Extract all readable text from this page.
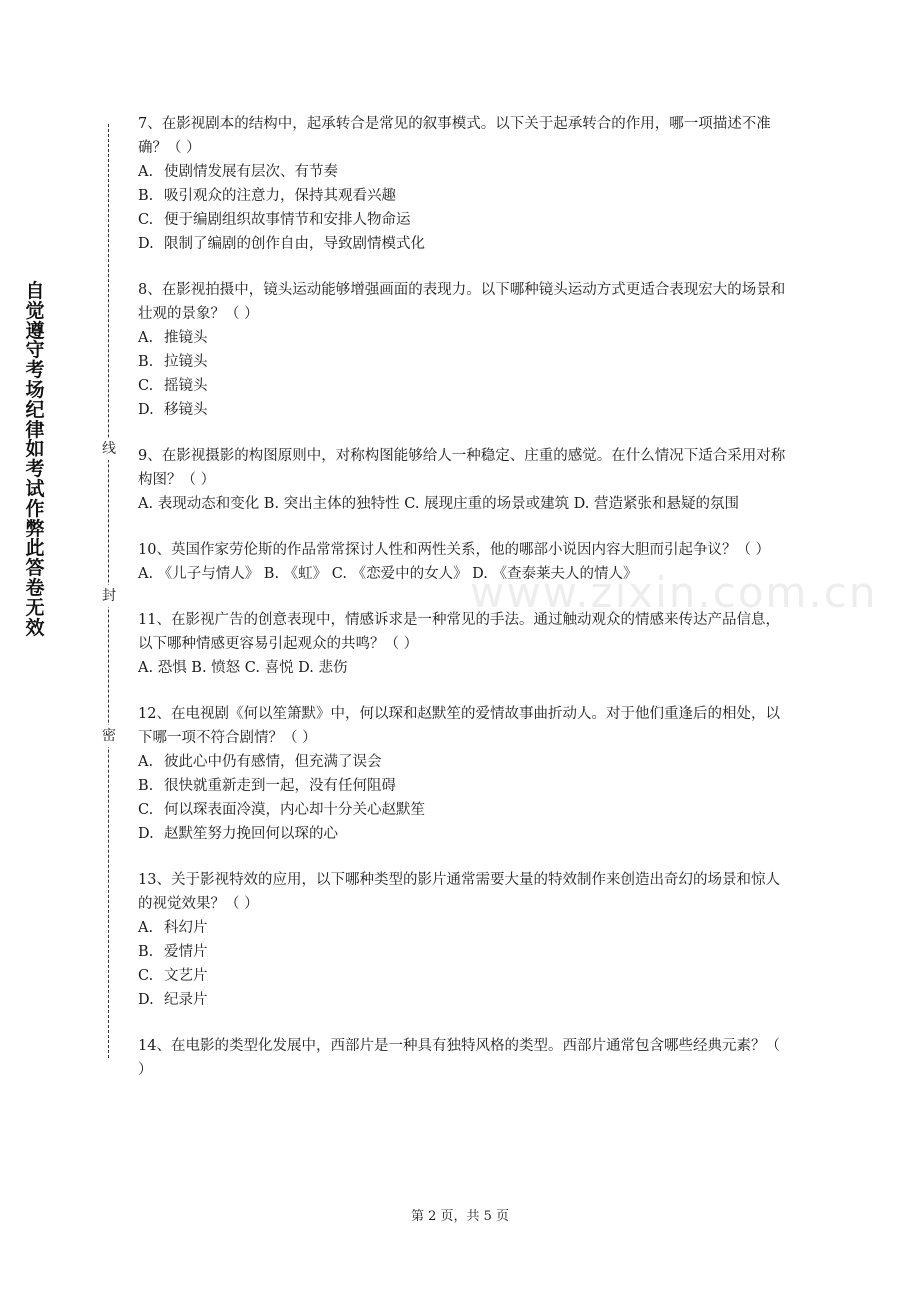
自觉遵守考场纪律如考试作弊此答卷无效
线
封
密
www.zixin.com.cn

7、在影视剧本的结构中，起承转合是常见的叙事模式。以下关于起承转合的作用，哪一项描述不准确？（ ）

A. 使剧情发展有层次、有节奏

B. 吸引观众的注意力，保持其观看兴趣

C. 便于编剧组织故事情节和安排人物命运

D. 限制了编剧的创作自由，导致剧情模式化

8、在影视拍摄中，镜头运动能够增强画面的表现力。以下哪种镜头运动方式更适合表现宏大的场景和壮观的景象？（ ）

A. 推镜头

B. 拉镜头

C. 摇镜头

D. 移镜头

9、在影视摄影的构图原则中，对称构图能够给人一种稳定、庄重的感觉。在什么情况下适合采用对称构图？（ ）

A. 表现动态和变化 B. 突出主体的独特性 C. 展现庄重的场景或建筑 D. 营造紧张和悬疑的氛围

10、英国作家劳伦斯的作品常常探讨人性和两性关系，他的哪部小说因内容大胆而引起争议？（ ）

A. 《儿子与情人》 B. 《虹》 C. 《恋爱中的女人》 D. 《查泰莱夫人的情人》

11、在影视广告的创意表现中，情感诉求是一种常见的手法。通过触动观众的情感来传达产品信息，以下哪种情感更容易引起观众的共鸣？（ ）

A. 恐惧 B. 愤怒 C. 喜悦 D. 悲伤

12、在电视剧《何以笙箫默》中，何以琛和赵默笙的爱情故事曲折动人。对于他们重逢后的相处，以下哪一项不符合剧情？（ ）

A. 彼此心中仍有感情，但充满了误会

B. 很快就重新走到一起，没有任何阻碍

C. 何以琛表面冷漠，内心却十分关心赵默笙

D. 赵默笙努力挽回何以琛的心

13、关于影视特效的应用，以下哪种类型的影片通常需要大量的特效制作来创造出奇幻的场景和惊人的视觉效果？（ ）

A. 科幻片

B. 爱情片

C. 文艺片

D. 纪录片

14、在电影的类型化发展中，西部片是一种具有独特风格的类型。西部片通常包含哪些经典元素？（ ）

第 2 页，共 5 页
